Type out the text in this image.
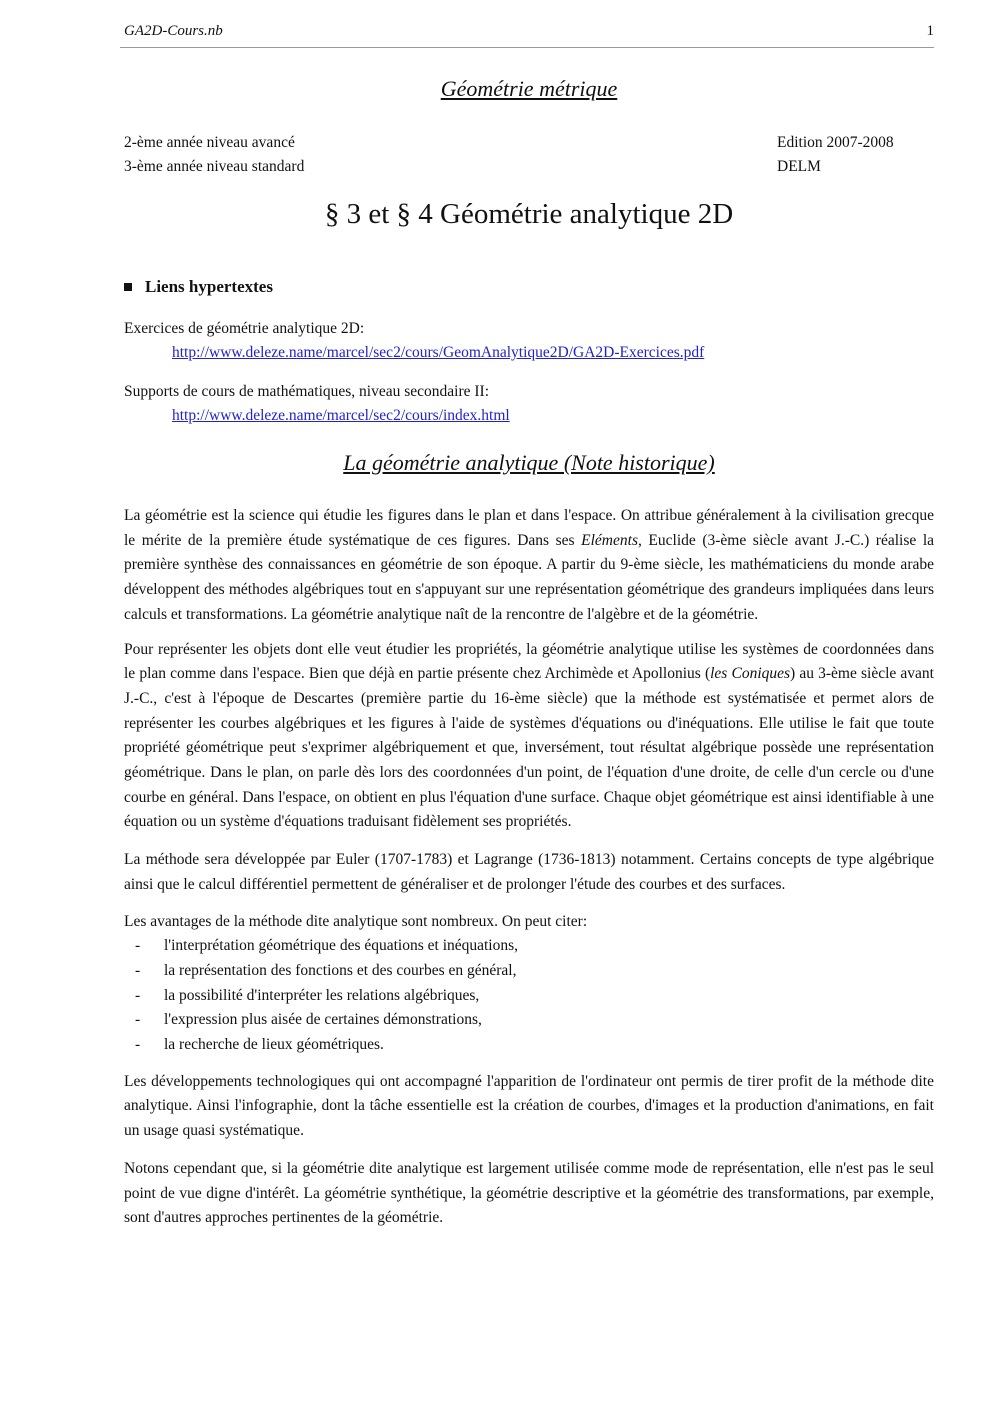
GA2D-Cours.nb	1
Géométrie métrique
2-ème année niveau avancé	Edition 2007-2008
3-ème année niveau standard	DELM
§ 3 et § 4 Géométrie analytique 2D
Liens hypertextes
Exercices de géométrie analytique 2D:
http://www.deleze.name/marcel/sec2/cours/GeomAnalytique2D/GA2D-Exercices.pdf
Supports de cours de mathématiques, niveau secondaire II:
http://www.deleze.name/marcel/sec2/cours/index.html
La géométrie analytique (Note historique)

La géométrie est la science qui étudie les figures dans le plan et dans l'espace. On attribue généralement à la civilisation grecque le mérite de la première étude systématique de ces figures. Dans ses Eléments, Euclide (3-ème siècle avant J.-C.) réalise la première synthèse des connaissances en géométrie de son époque. A partir du 9-ème siècle, les mathématiciens du monde arabe développent des méthodes algébriques tout en s'appuyant sur une représentation géométrique des grandeurs impliquées dans leurs calculs et transformations. La géométrie analytique naît de la rencontre de l'algèbre et de la géométrie.

Pour représenter les objets dont elle veut étudier les propriétés, la géométrie analytique utilise les systèmes de coordonnées dans le plan comme dans l'espace. Bien que déjà en partie présente chez Archimède et Apollonius (les Coniques) au 3-ème siècle avant J.-C., c'est à l'époque de Descartes (première partie du 16-ème siècle) que la méthode est systématisée et permet alors de représenter les courbes algébriques et les figures à l'aide de systèmes d'équations ou d'inéquations. Elle utilise le fait que toute propriété géométrique peut s'exprimer algébriquement et que, inversément, tout résultat algébrique possède une représentation géométrique. Dans le plan, on parle dès lors des coordonnées d'un point, de l'équation d'une droite, de celle d'un cercle ou d'une courbe en général. Dans l'espace, on obtient en plus l'équation d'une surface. Chaque objet géométrique est ainsi identifiable à une équation ou un système d'équations traduisant fidèlement ses propriétés.

La méthode sera développée par Euler (1707-1783) et Lagrange (1736-1813) notamment. Certains concepts de type algébrique ainsi que le calcul différentiel permettent de généraliser et de prolonger l'étude des courbes et des surfaces.

Les avantages de la méthode dite analytique sont nombreux. On peut citer:

-	l'interprétation géométrique des équations et inéquations,
-	la représentation des fonctions et des courbes en général,
-	la possibilité d'interpréter les relations algébriques,
-	l'expression plus aisée de certaines démonstrations,
-	la recherche de lieux géométriques.

Les développements technologiques qui ont accompagné l'apparition de l'ordinateur ont permis de tirer profit de la méthode dite analytique. Ainsi l'infographie, dont la tâche essentielle est la création de courbes, d'images et la production d'animations, en fait un usage quasi systématique.

Notons cependant que, si la géométrie dite analytique est largement utilisée comme mode de représentation, elle n'est pas le seul point de vue digne d'intérêt. La géométrie synthétique, la géométrie descriptive et la géométrie des transformations, par exemple, sont d'autres approches pertinentes de la géométrie.
